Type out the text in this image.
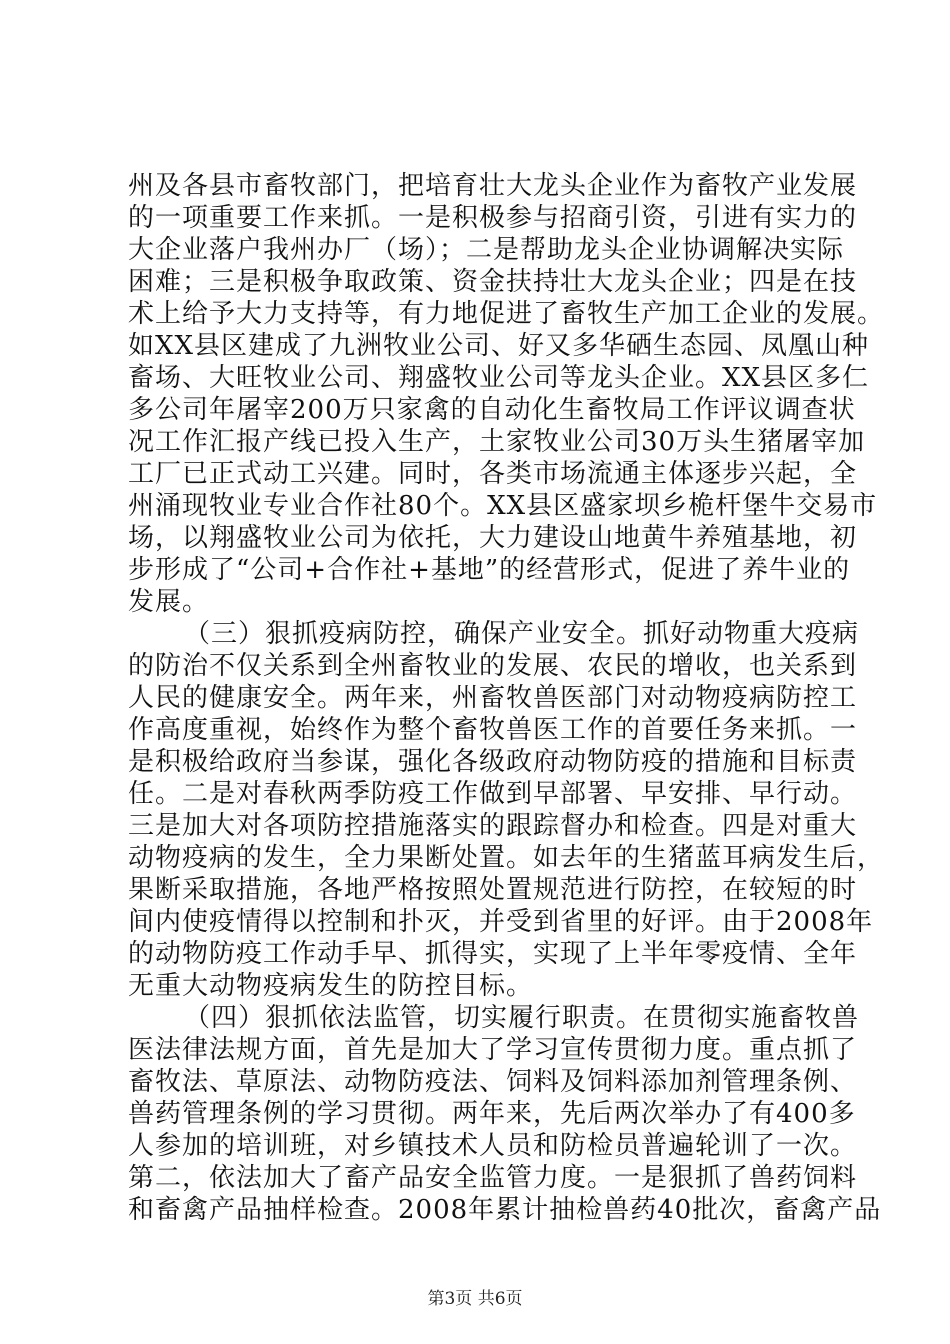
州及各县市畜牧部门，把培育壮大龙头企业作为畜牧产业发展
的一项重要工作来抓。一是积极参与招商引资，引进有实力的
大企业落户我州办厂（场）；二是帮助龙头企业协调解决实际
困难；三是积极争取政策、资金扶持壮大龙头企业；四是在技
术上给予大力支持等，有力地促进了畜牧生产加工企业的发展。
如XX县区建成了九洲牧业公司、好又多华硒生态园、凤凰山种
畜场、大旺牧业公司、翔盛牧业公司等龙头企业。XX县区多仁
多公司年屠宰200万只家禽的自动化生畜牧局工作评议调查状
况工作汇报产线已投入生产，土家牧业公司30万头生猪屠宰加
工厂已正式动工兴建。同时，各类市场流通主体逐步兴起，全
州涌现牧业专业合作社80个。XX县区盛家坝乡桅杆堡牛交易市
场，以翔盛牧业公司为依托，大力建设山地黄牛养殖基地，初
步形成了“公司+合作社+基地”的经营形式，促进了养牛业的
发展。
（三）狠抓疫病防控，确保产业安全。抓好动物重大疫病
的防治不仅关系到全州畜牧业的发展、农民的增收，也关系到
人民的健康安全。两年来，州畜牧兽医部门对动物疫病防控工
作高度重视，始终作为整个畜牧兽医工作的首要任务来抓。一
是积极给政府当参谋，强化各级政府动物防疫的措施和目标责
任。二是对春秋两季防疫工作做到早部署、早安排、早行动。
三是加大对各项防控措施落实的跟踪督办和检查。四是对重大
动物疫病的发生，全力果断处置。如去年的生猪蓝耳病发生后，
果断采取措施，各地严格按照处置规范进行防控，在较短的时
间内使疫情得以控制和扑灭，并受到省里的好评。由于2008年
的动物防疫工作动手早、抓得实，实现了上半年零疫情、全年
无重大动物疫病发生的防控目标。
（四）狠抓依法监管，切实履行职责。在贯彻实施畜牧兽
医法律法规方面，首先是加大了学习宣传贯彻力度。重点抓了
畜牧法、草原法、动物防疫法、饲料及饲料添加剂管理条例、
兽药管理条例的学习贯彻。两年来，先后两次举办了有400多
人参加的培训班，对乡镇技术人员和防检员普遍轮训了一次。
第二，依法加大了畜产品安全监管力度。一是狠抓了兽药饲料
和畜禽产品抽样检查。2008年累计抽检兽药40批次，畜禽产品
第3页 共6页
